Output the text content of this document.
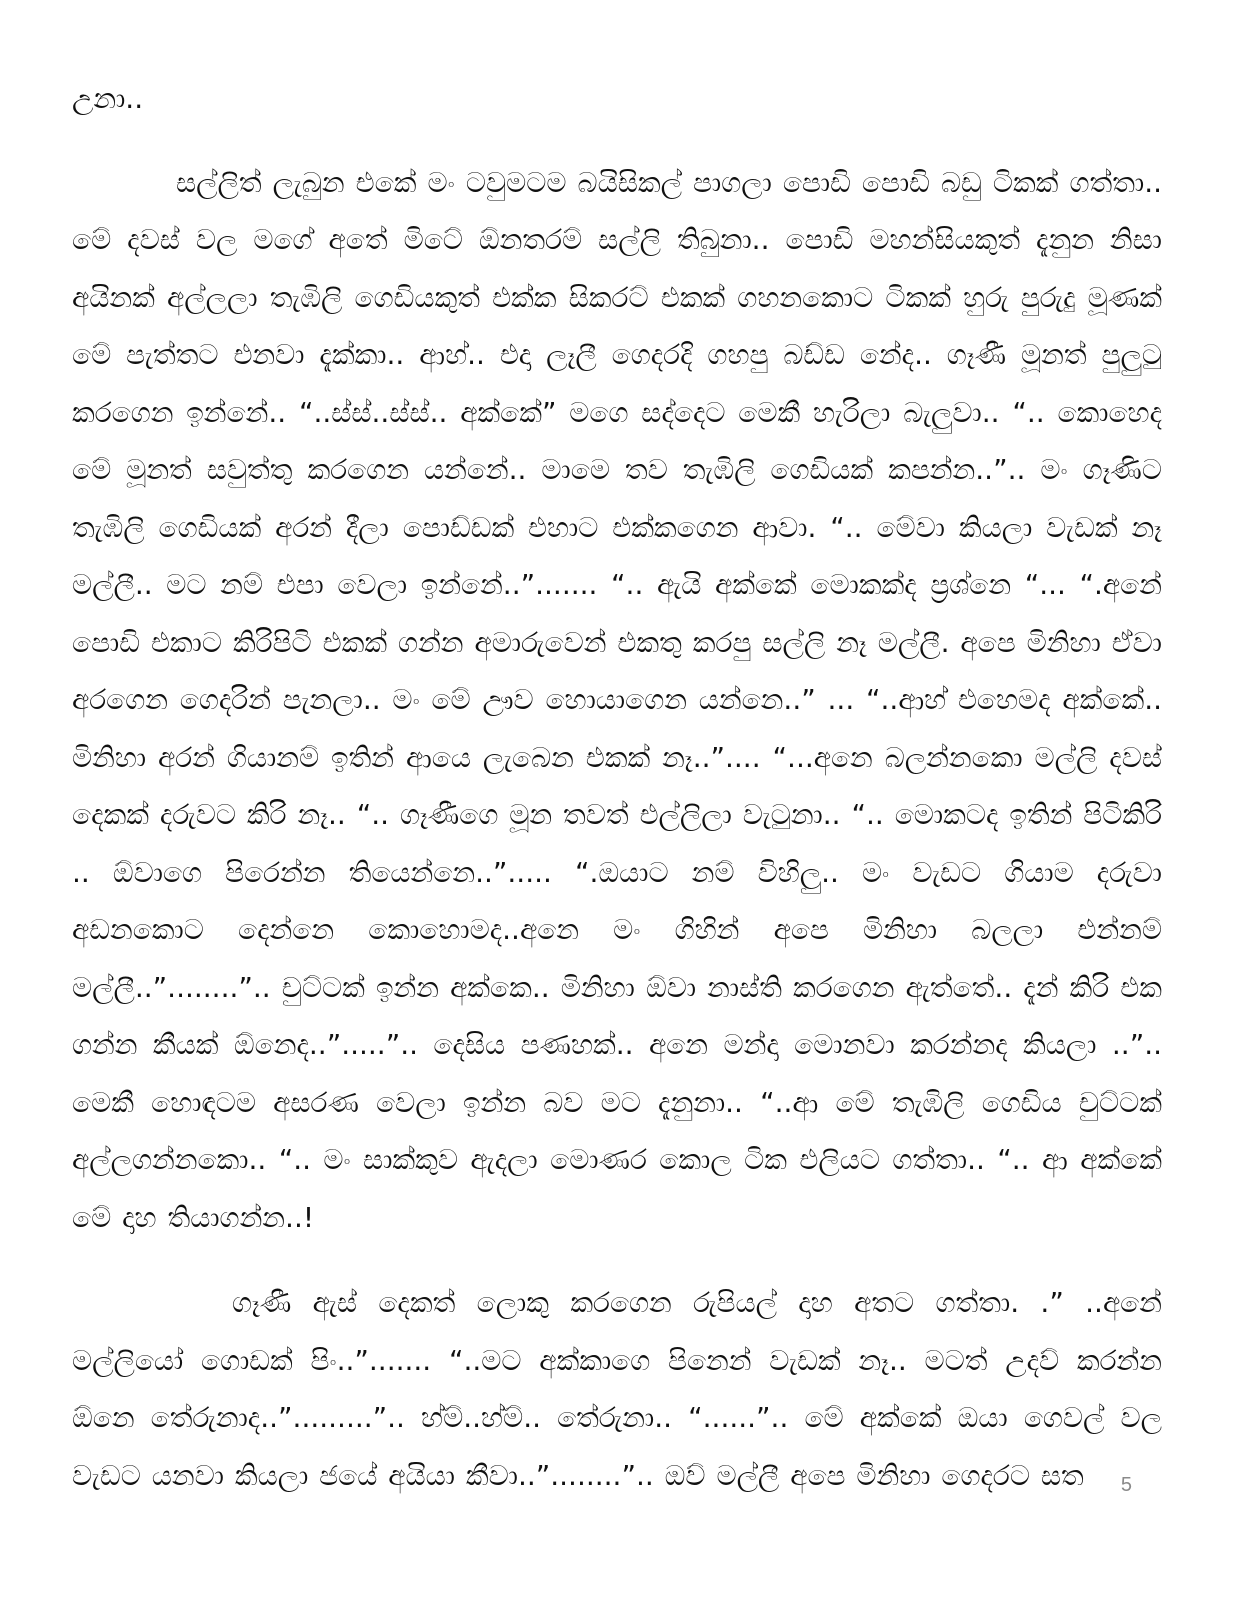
උනා..

සල්ලිත් ලැබුන එකේ මං ටවුමටම බයිසිකල් පාගලා පොඩි පොඩි බඩු ටිකක් ගත්තා.. මේ දවස් වල මගේ අතේ මිටේ ඕනතරම් සල්ලි තිබුනා.. පොඩි මහන්සියකුත් දැනුන නිසා අයිනක් අල්ලලා තැඹිලි ගෙඩියකුත් එක්ක සිකරට් එකක් ගහනකොට ටිකක් හුරු පුරුදු මූණක් මේ පැත්තට එනවා දැක්කා.. ආහ්.. එදා ලෑලී ගෙදරදි ගහපු බඩ්ඩ නේද.. ගෑණී මූනත් පුලුටු කරගෙන ඉන්නේ.. “..ස්ස්..ස්ස්.. අක්කේ” මගෙ සද්දෙට මෙකී හැරිලා බැලුවා.. “.. කොහෙද මේ මූනත් සවුත්තු කරගෙන යන්නේ.. මාමෙ තව තැඹිලි ගෙඩියක් කපන්න..”.. මං ගෑණිට තැඹිලි ගෙඩියක් අරන් දීලා පොඩ්ඩක් එහාට එක්කගෙන ආවා. “.. මේවා කියලා වැඩක් නෑ මල්ලී.. මට නම් එපා වෙලා ඉන්නේ..”....... “.. ඇයි අක්කේ මොකක්ද ප්‍රශ්නෙ “... “.අනේ පොඩි එකාට කිරිපිටි එකක් ගන්න අමාරුවෙන් එකතු කරපු සල්ලි නෑ මල්ලී. අපෙ මිනිහා ඒවා අරගෙන ගෙදරින් පැනලා.. මං මේ ඌව හොයාගෙන යන්නෙ..” ... “..ආහ් එහෙමද අක්කේ.. මිනිහා අරන් ගියානම් ඉතින් ආයෙ ලැබෙන එකක් නෑ..”.... “...අනෙ බලන්නකො මල්ලි දවස් දෙකක් දරුවට කිරි නෑ.. “.. ගෑණීගෙ මූන තවත් එල්ලිලා වැටුනා.. “.. මොකටද ඉතින් පිටිකිරි .. ඕවාගෙ පිරෙන්න තියෙන්නෙ..”..... “.ඔයාට නම් විහිලු.. මං වැඩට ගියාම දරුවා අඩනකොට දෙන්නෙ කොහොමද..අනෙ මං ගිහින් අපෙ මිනිහා බලලා එන්නම් මල්ලී..”........”.. චුට්ටක් ඉන්න අක්කෙ.. මිනිහා ඕවා නාස්ති කරගෙන ඇත්තේ.. දැන් කිරි එක ගන්න කීයක් ඕනෙද..”.....”.. දෙසිය පණහක්.. අනෙ මන්දා මොනවා කරන්නද කියලා ..”.. මෙකී හොඳටම අසරණ වෙලා ඉන්න බව මට දැනුනා.. “..ආ මේ තැඹිලි ගෙඩිය චුට්ටක් අල්ලගන්නකො.. “.. මං සාක්කුව ඇදලා මොණර කොල ටික එලියට ගත්තා.. “.. ආ අක්කේ මේ දාහ තියාගන්න..!

ගෑණී ඇස් දෙකත් ලොකු කරගෙන රුපියල් දාහ අතට ගත්තා. .” ..අනේ මල්ලියෝ ගොඩක් පිං..”....... “..මට අක්කාගෙ පිනෙන් වැඩක් නෑ.. මටත් උදව් කරන්න ඕනෙ තේරුනාද..”.........”.. හ්ම්..හ්ම්.. තේරුනා.. “......”.. මේ අක්කේ ඔයා ගෙවල් වල වැඩට යනවා කියලා ජයේ අයියා කීවා..”........”.. ඔව් මල්ලී අපෙ මිනිහා ගෙදරට සත	5
